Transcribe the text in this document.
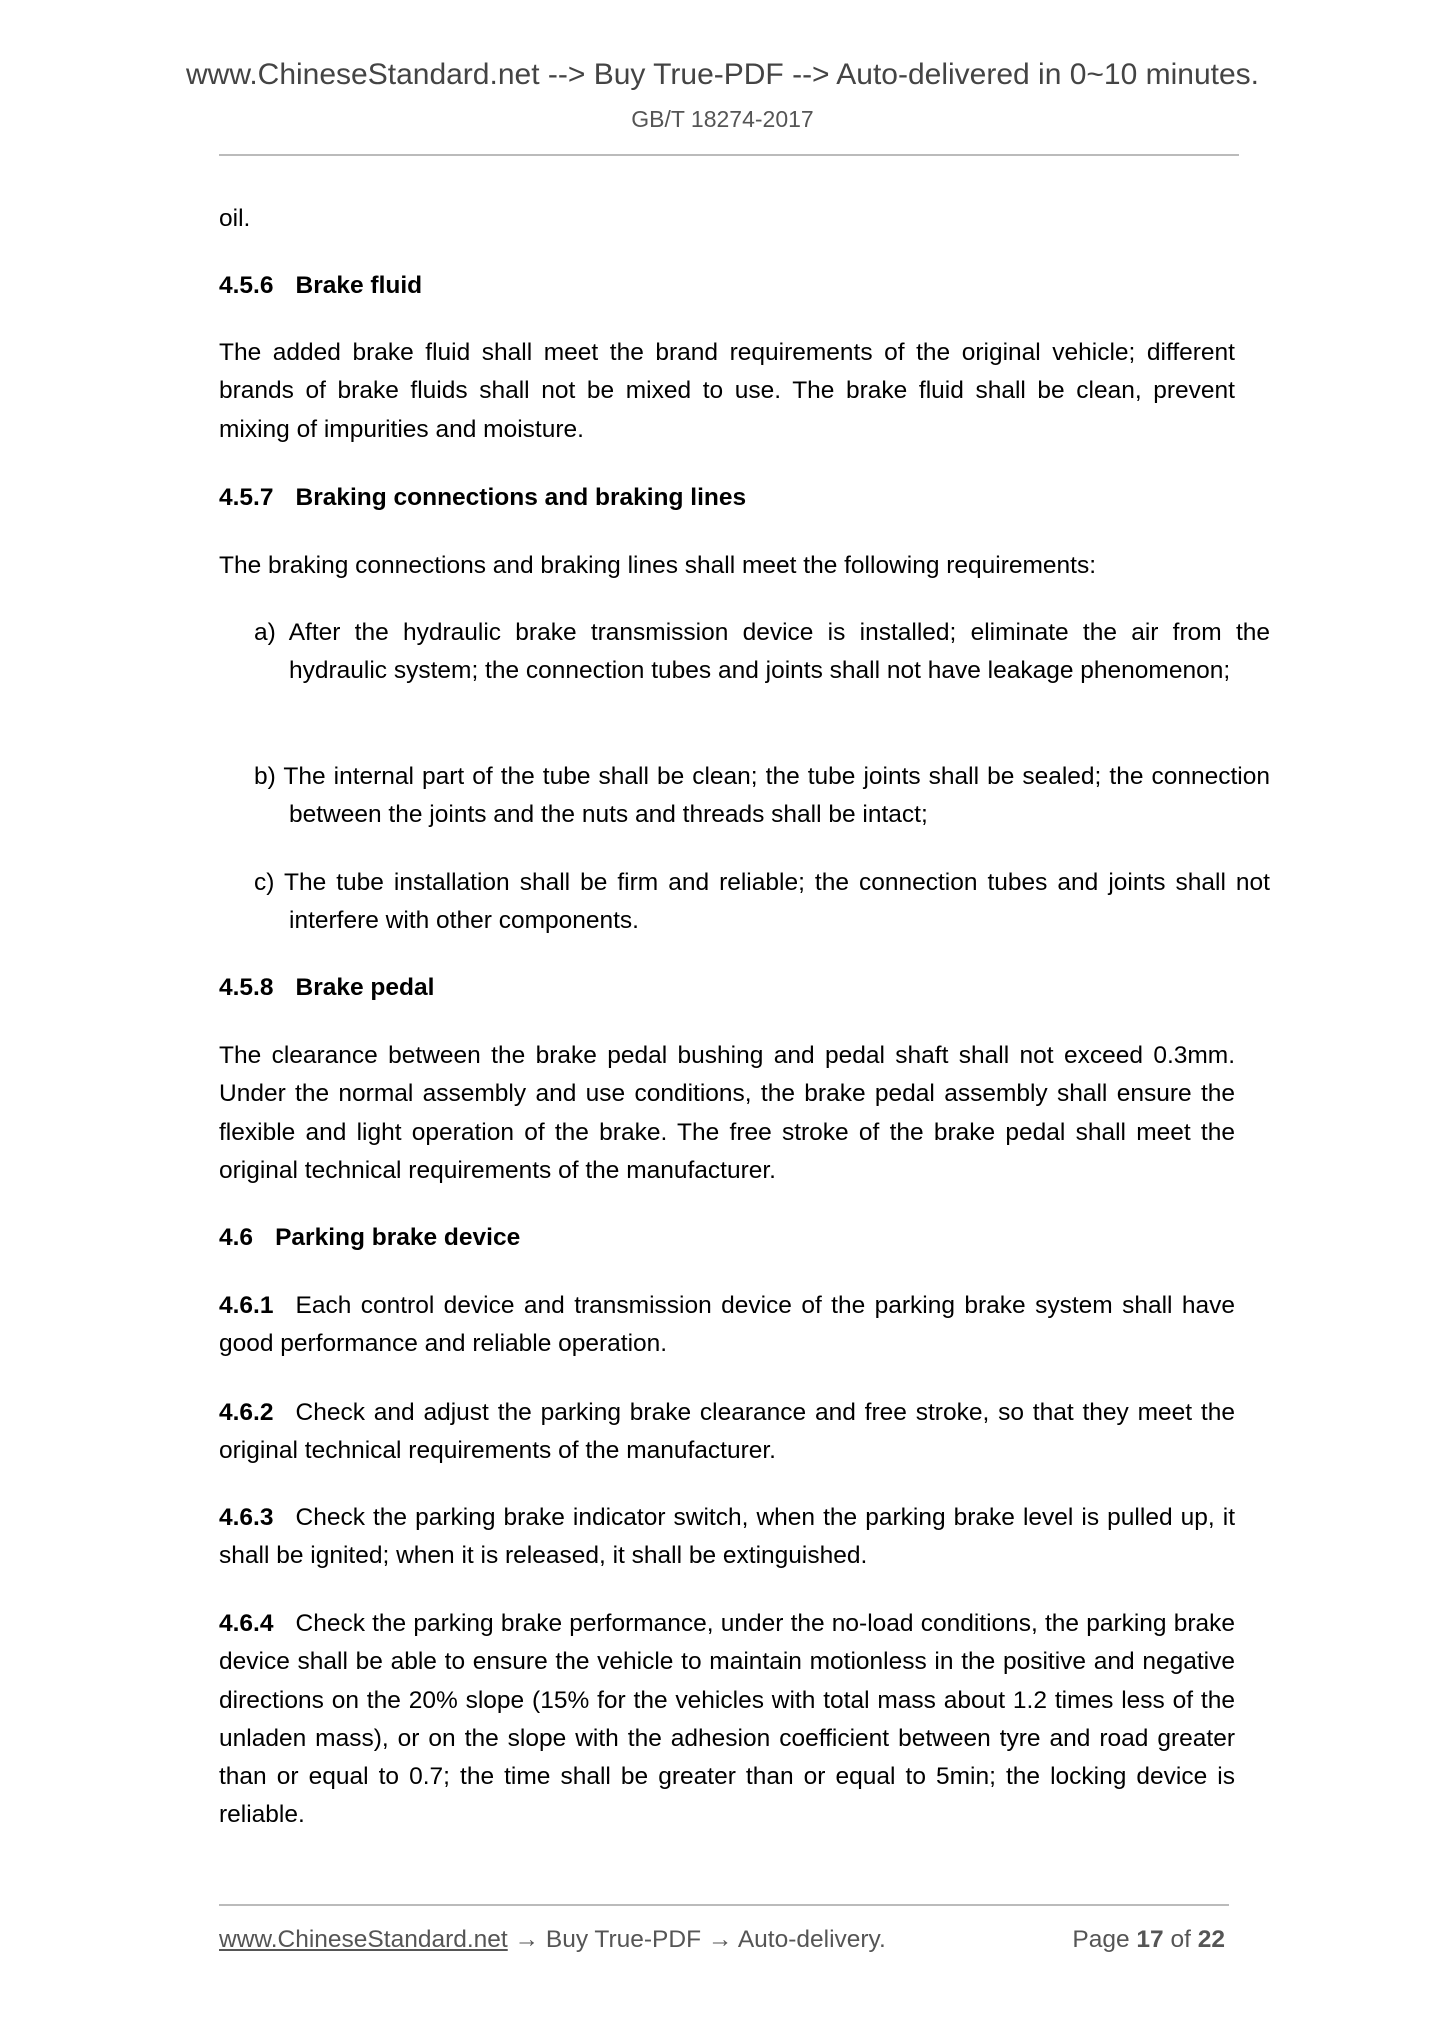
www.ChineseStandard.net --> Buy True-PDF --> Auto-delivered in 0~10 minutes.
GB/T 18274-2017
oil.
4.5.6 Brake fluid
The added brake fluid shall meet the brand requirements of the original vehicle; different brands of brake fluids shall not be mixed to use. The brake fluid shall be clean, prevent mixing of impurities and moisture.
4.5.7 Braking connections and braking lines
The braking connections and braking lines shall meet the following requirements:
a) After the hydraulic brake transmission device is installed; eliminate the air from the hydraulic system; the connection tubes and joints shall not have leakage phenomenon;
b) The internal part of the tube shall be clean; the tube joints shall be sealed; the connection between the joints and the nuts and threads shall be intact;
c) The tube installation shall be firm and reliable; the connection tubes and joints shall not interfere with other components.
4.5.8 Brake pedal
The clearance between the brake pedal bushing and pedal shaft shall not exceed 0.3mm. Under the normal assembly and use conditions, the brake pedal assembly shall ensure the flexible and light operation of the brake. The free stroke of the brake pedal shall meet the original technical requirements of the manufacturer.
4.6 Parking brake device
4.6.1 Each control device and transmission device of the parking brake system shall have good performance and reliable operation.
4.6.2 Check and adjust the parking brake clearance and free stroke, so that they meet the original technical requirements of the manufacturer.
4.6.3 Check the parking brake indicator switch, when the parking brake level is pulled up, it shall be ignited; when it is released, it shall be extinguished.
4.6.4 Check the parking brake performance, under the no-load conditions, the parking brake device shall be able to ensure the vehicle to maintain motionless in the positive and negative directions on the 20% slope (15% for the vehicles with total mass about 1.2 times less of the unladen mass), or on the slope with the adhesion coefficient between tyre and road greater than or equal to 0.7; the time shall be greater than or equal to 5min; the locking device is reliable.
www.ChineseStandard.net → Buy True-PDF → Auto-delivery.	Page 17 of 22
